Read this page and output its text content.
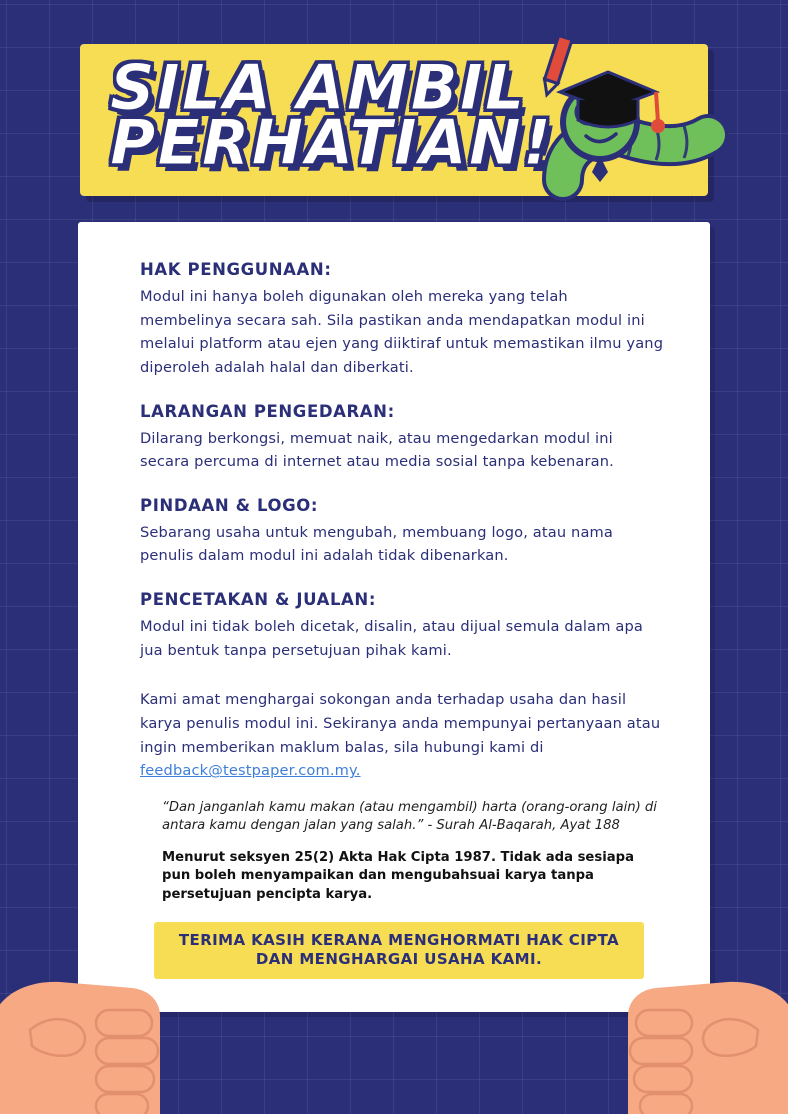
SILA AMBIL
PERHATIAN!
HAK PENGGUNAAN:
Modul ini hanya boleh digunakan oleh mereka yang telah membelinya secara sah. Sila pastikan anda mendapatkan modul ini melalui platform atau ejen yang diiktiraf untuk memastikan ilmu yang diperoleh adalah halal dan diberkati.
LARANGAN PENGEDARAN:
Dilarang berkongsi, memuat naik, atau mengedarkan modul ini secara percuma di internet atau media sosial tanpa kebenaran.
PINDAAN & LOGO:
Sebarang usaha untuk mengubah, membuang logo, atau nama penulis dalam modul ini adalah tidak dibenarkan.
PENCETAKAN & JUALAN:
Modul ini tidak boleh dicetak, disalin, atau dijual semula dalam apa jua bentuk tanpa persetujuan pihak kami.
Kami amat menghargai sokongan anda terhadap usaha dan hasil karya penulis modul ini. Sekiranya anda mempunyai pertanyaan atau ingin memberikan maklum balas, sila hubungi kami di feedback@testpaper.com.my.
“Dan janganlah kamu makan (atau mengambil) harta (orang-orang lain) di antara kamu dengan jalan yang salah.” - Surah Al-Baqarah, Ayat 188
Menurut seksyen 25(2) Akta Hak Cipta 1987. Tidak ada sesiapa pun boleh menyampaikan dan mengubahsuai karya tanpa persetujuan pencipta karya.
TERIMA KASIH KERANA MENGHORMATI HAK CIPTA DAN MENGHARGAI USAHA KAMI.
